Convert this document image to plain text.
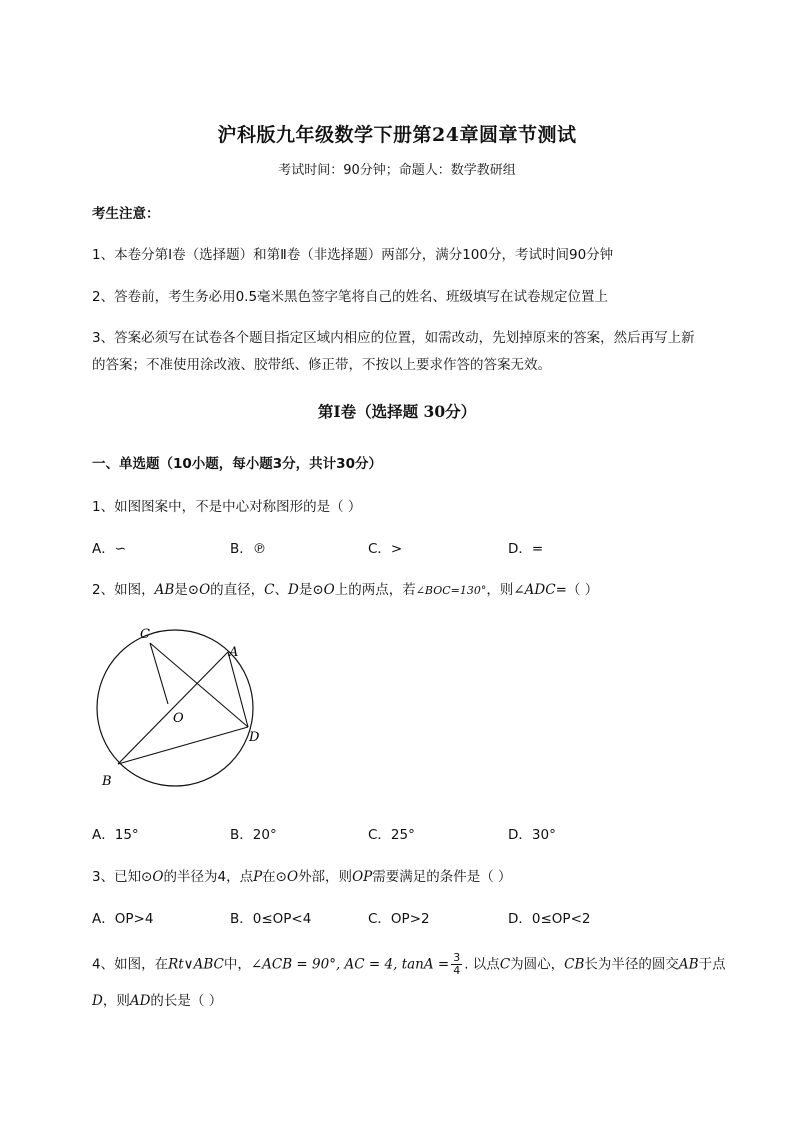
沪科版九年级数学下册第24章圆章节测试
考试时间：90分钟；命题人：数学教研组
考生注意：
1、本卷分第I卷（选择题）和第Ⅱ卷（非选择题）两部分，满分100分，考试时间90分钟
2、答卷前，考生务必用0.5毫米黑色签字笔将自己的姓名、班级填写在试卷规定位置上
3、答案必须写在试卷各个题目指定区域内相应的位置，如需改动，先划掉原来的答案，然后再写上新
的答案；不准使用涂改液、胶带纸、修正带，不按以上要求作答的答案无效。
第I卷（选择题 30分）
一、单选题（10小题，每小题3分，共计30分）
1、如图图案中，不是中心对称图形的是（ ）
A．∽	B．℗	C．>	D．=
2、如图，AB是⊙O的直径，C、D是⊙O上的两点，若∠BOC=130°，则∠ADC=（ ）
C
A
O
D
B
A．15°	B．20°	C．25°	D．30°
3、已知⊙O的半径为4，点P在⊙O外部，则OP需要满足的条件是（ ）
A．OP>4	B．0≤OP<4	C．OP>2	D．0≤OP<2
4、如图，在Rt∨ABC中，∠ACB = 90°, AC = 4, $\tan A = \frac{3}{4}$ . 以点C为圆心，CB长为半径的圆交AB于点
D，则AD的长是（ ）
